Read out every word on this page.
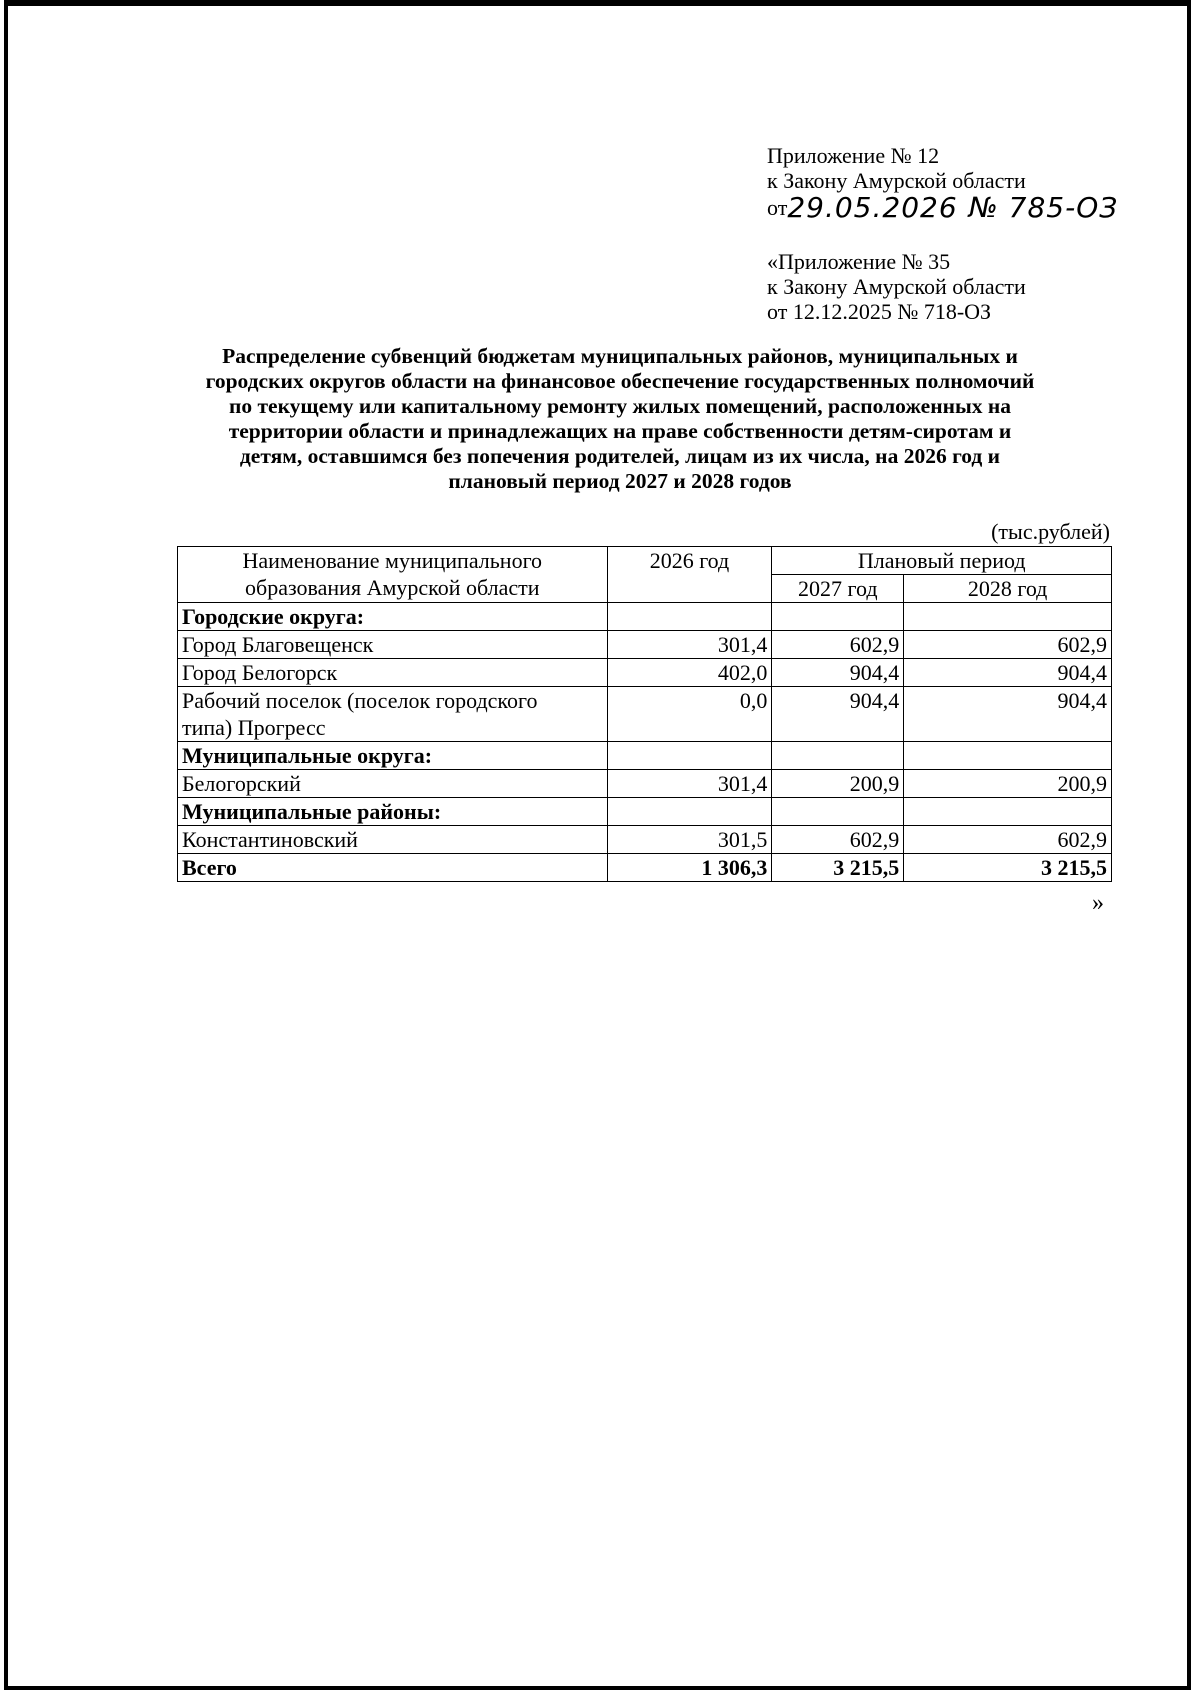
Приложение № 12
к Закону Амурской области
от29.05.2026 № 785-ОЗ
«Приложение № 35
к Закону Амурской области
от 12.12.2025 № 718-ОЗ
Распределение субвенций бюджетам муниципальных районов, муниципальных и
городских округов области на финансовое обеспечение государственных полномочий
по текущему или капитальному ремонту жилых помещений, расположенных на
территории области и принадлежащих на праве собственности детям-сиротам и
детям, оставшимся без попечения родителей, лицам из их числа, на 2026 год и
плановый период 2027 и 2028 годов
(тыс.рублей)
Наименование муниципального
образования Амурской области	2026 год	Плановый период	
		2027 год	2028 год
Городские округа:			
Город Благовещенск	301,4	602,9	602,9
Город Белогорск	402,0	904,4	904,4

Рабочий поселок (поселок городского
типа) Прогресс	0,0	904,4	904,4
Муниципальные округа:			
Белогорский	301,4	200,9	200,9
Муниципальные районы:			
Константиновский	301,5	602,9	602,9
Всего	1 306,3	3 215,5	3 215,5
»
